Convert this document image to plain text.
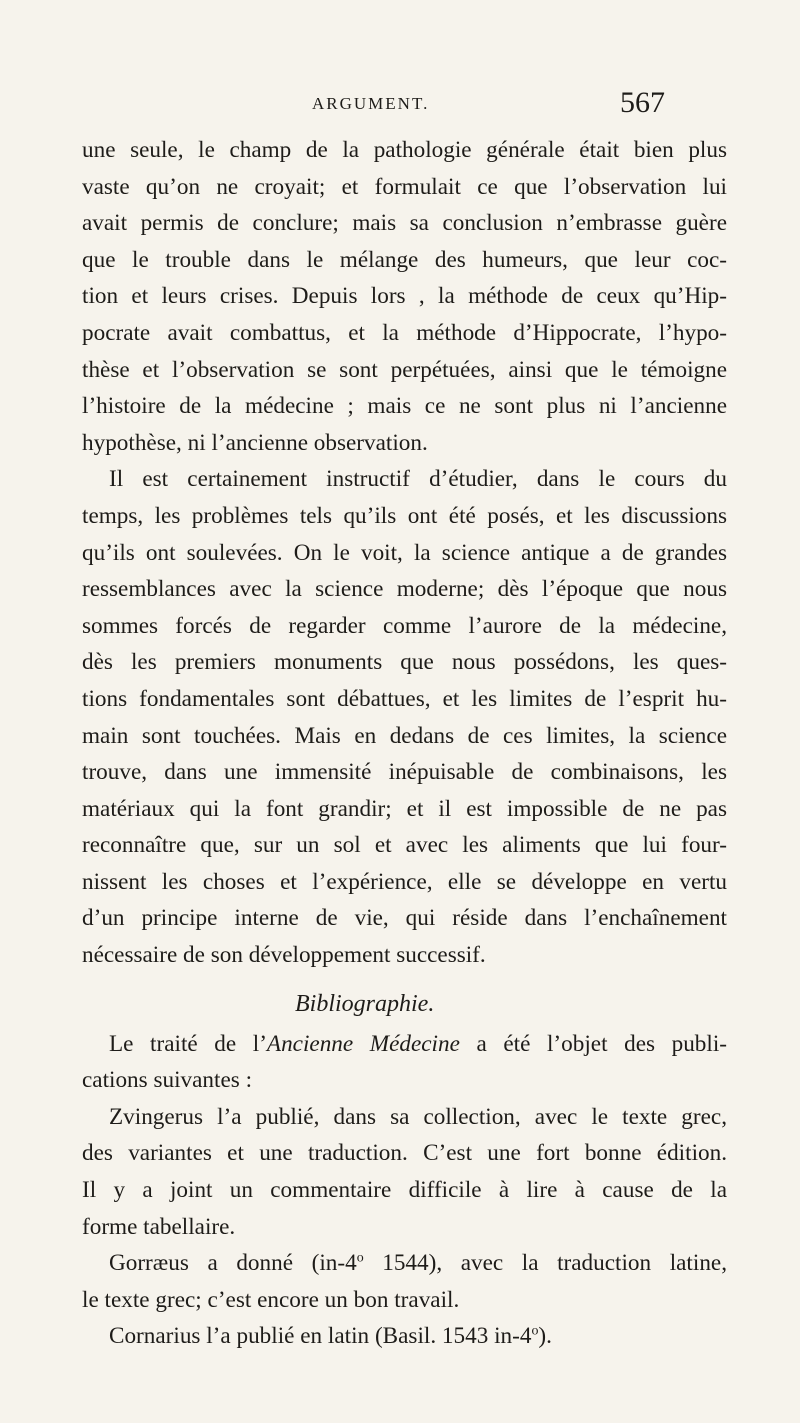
ARGUMENT.	567
une seule, le champ de la pathologie générale était bien plus
vaste qu’on ne croyait; et formulait ce que l’observation lui
avait permis de conclure; mais sa conclusion n’embrasse guère
que le trouble dans le mélange des humeurs, que leur coc-
tion et leurs crises. Depuis lors , la méthode de ceux qu’Hip-
pocrate avait combattus, et la méthode d’Hippocrate, l’hypo-
thèse et l’observation se sont perpétuées, ainsi que le témoigne
l’histoire de la médecine ; mais ce ne sont plus ni l’ancienne
hypothèse, ni l’ancienne observation.
Il est certainement instructif d’étudier, dans le cours du
temps, les problèmes tels qu’ils ont été posés, et les discussions
qu’ils ont soulevées. On le voit, la science antique a de grandes
ressemblances avec la science moderne; dès l’époque que nous
sommes forcés de regarder comme l’aurore de la médecine,
dès les premiers monuments que nous possédons, les ques-
tions fondamentales sont débattues, et les limites de l’esprit hu-
main sont touchées. Mais en dedans de ces limites, la science
trouve, dans une immensité inépuisable de combinaisons, les
matériaux qui la font grandir; et il est impossible de ne pas
reconnaître que, sur un sol et avec les aliments que lui four-
nissent les choses et l’expérience, elle se développe en vertu
d’un principe interne de vie, qui réside dans l’enchaînement
nécessaire de son développement successif.
Bibliographie.
Le traité de l’Ancienne Médecine a été l’objet des publi-
cations suivantes :
Zvingerus l’a publié, dans sa collection, avec le texte grec,
des variantes et une traduction. C’est une fort bonne édition.
Il y a joint un commentaire difficile à lire à cause de la
forme tabellaire.
Gorræus a donné (in-4$^o$ 1544), avec la traduction latine,
le texte grec; c’est encore un bon travail.
Cornarius l’a publié en latin (Basil. 1543 in-4$^o$).
